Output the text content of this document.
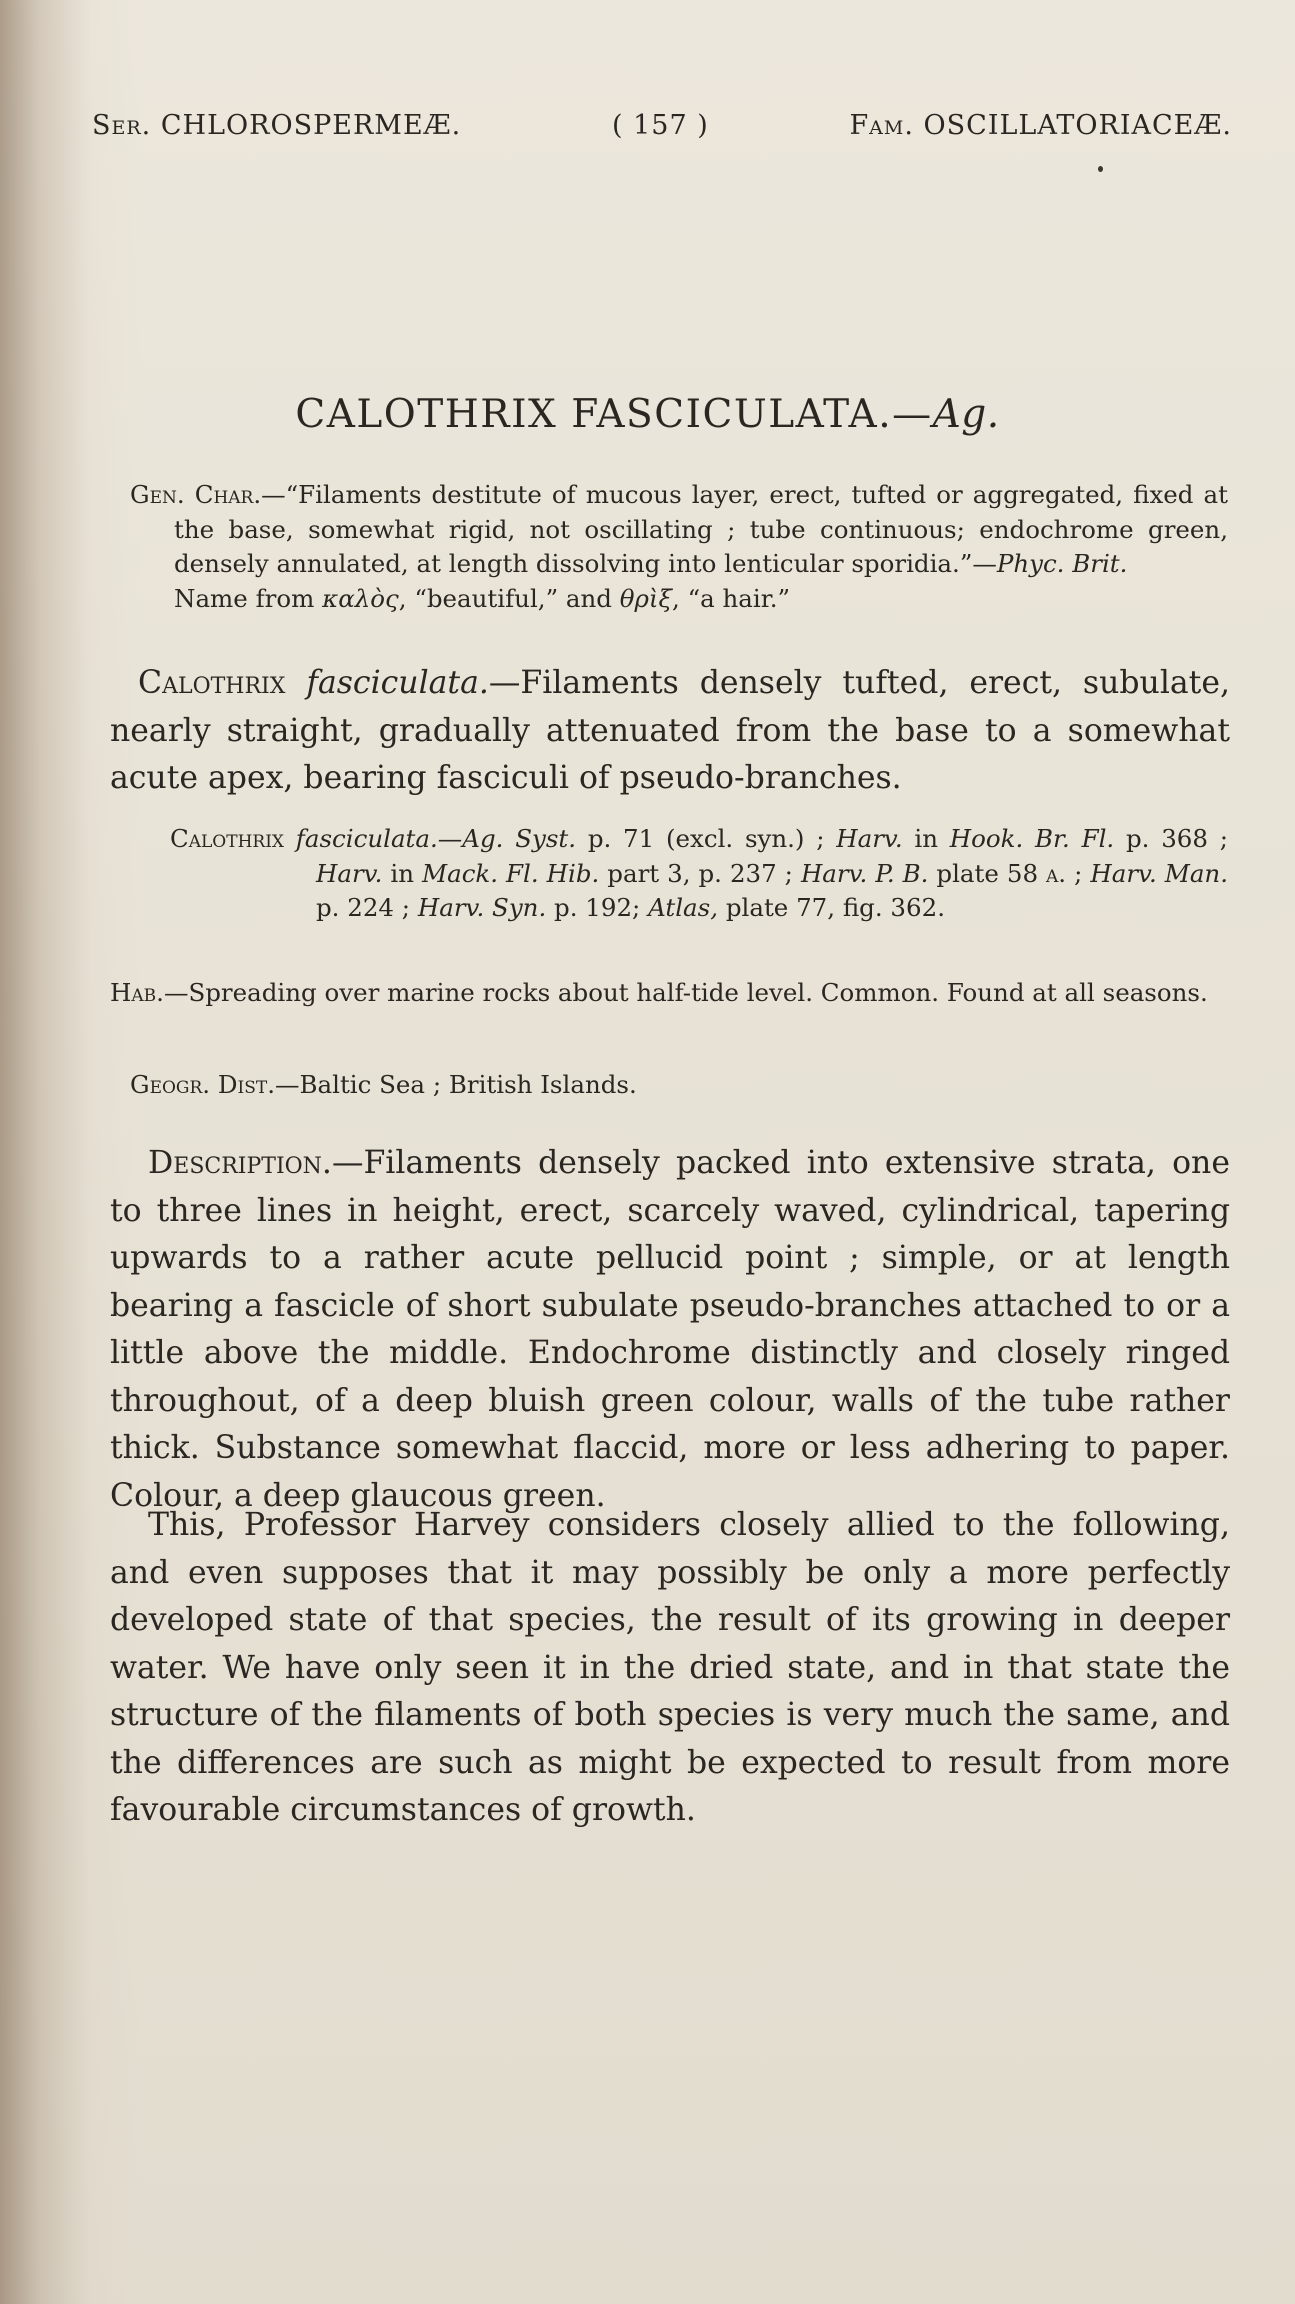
Ser. CHLOROSPERMEÆ.	( 157 )	Fam. OSCILLATORIACEÆ.
CALOTHRIX FASCICULATA.—Ag.
Gen. Char.—“Filaments destitute of mucous layer, erect, tufted or aggregated, fixed at the base, somewhat rigid, not oscillating ; tube continuous; endochrome green, densely annulated, at length dissolving into lenticular sporidia.”—Phyc. Brit.
Name from καλὸς, “beautiful,” and θρὶξ, “a hair.”
Calothrix fasciculata.—Filaments densely tufted, erect, subulate, nearly straight, gradually attenuated from the base to a somewhat acute apex, bearing fasciculi of pseudo-branches.
Calothrix fasciculata.—Ag. Syst. p. 71 (excl. syn.) ; Harv. in Hook. Br. Fl. p. 368 ; Harv. in Mack. Fl. Hib. part 3, p. 237 ; Harv. P. B. plate 58 a. ; Harv. Man. p. 224 ; Harv. Syn. p. 192; Atlas, plate 77, fig. 362.
Hab.—Spreading over marine rocks about half-tide level. Common. Found at all seasons.
Geogr. Dist.—Baltic Sea ; British Islands.
Description.—Filaments densely packed into extensive strata, one to three lines in height, erect, scarcely waved, cylindrical, tapering upwards to a rather acute pellucid point ; simple, or at length bearing a fascicle of short subulate pseudo-branches attached to or a little above the middle. Endochrome distinctly and closely ringed throughout, of a deep bluish green colour, walls of the tube rather thick. Substance somewhat flaccid, more or less adhering to paper. Colour, a deep glaucous green.
This, Professor Harvey considers closely allied to the following, and even supposes that it may possibly be only a more perfectly developed state of that species, the result of its growing in deeper water. We have only seen it in the dried state, and in that state the structure of the filaments of both species is very much the same, and the differences are such as might be expected to result from more favourable circumstances of growth.
